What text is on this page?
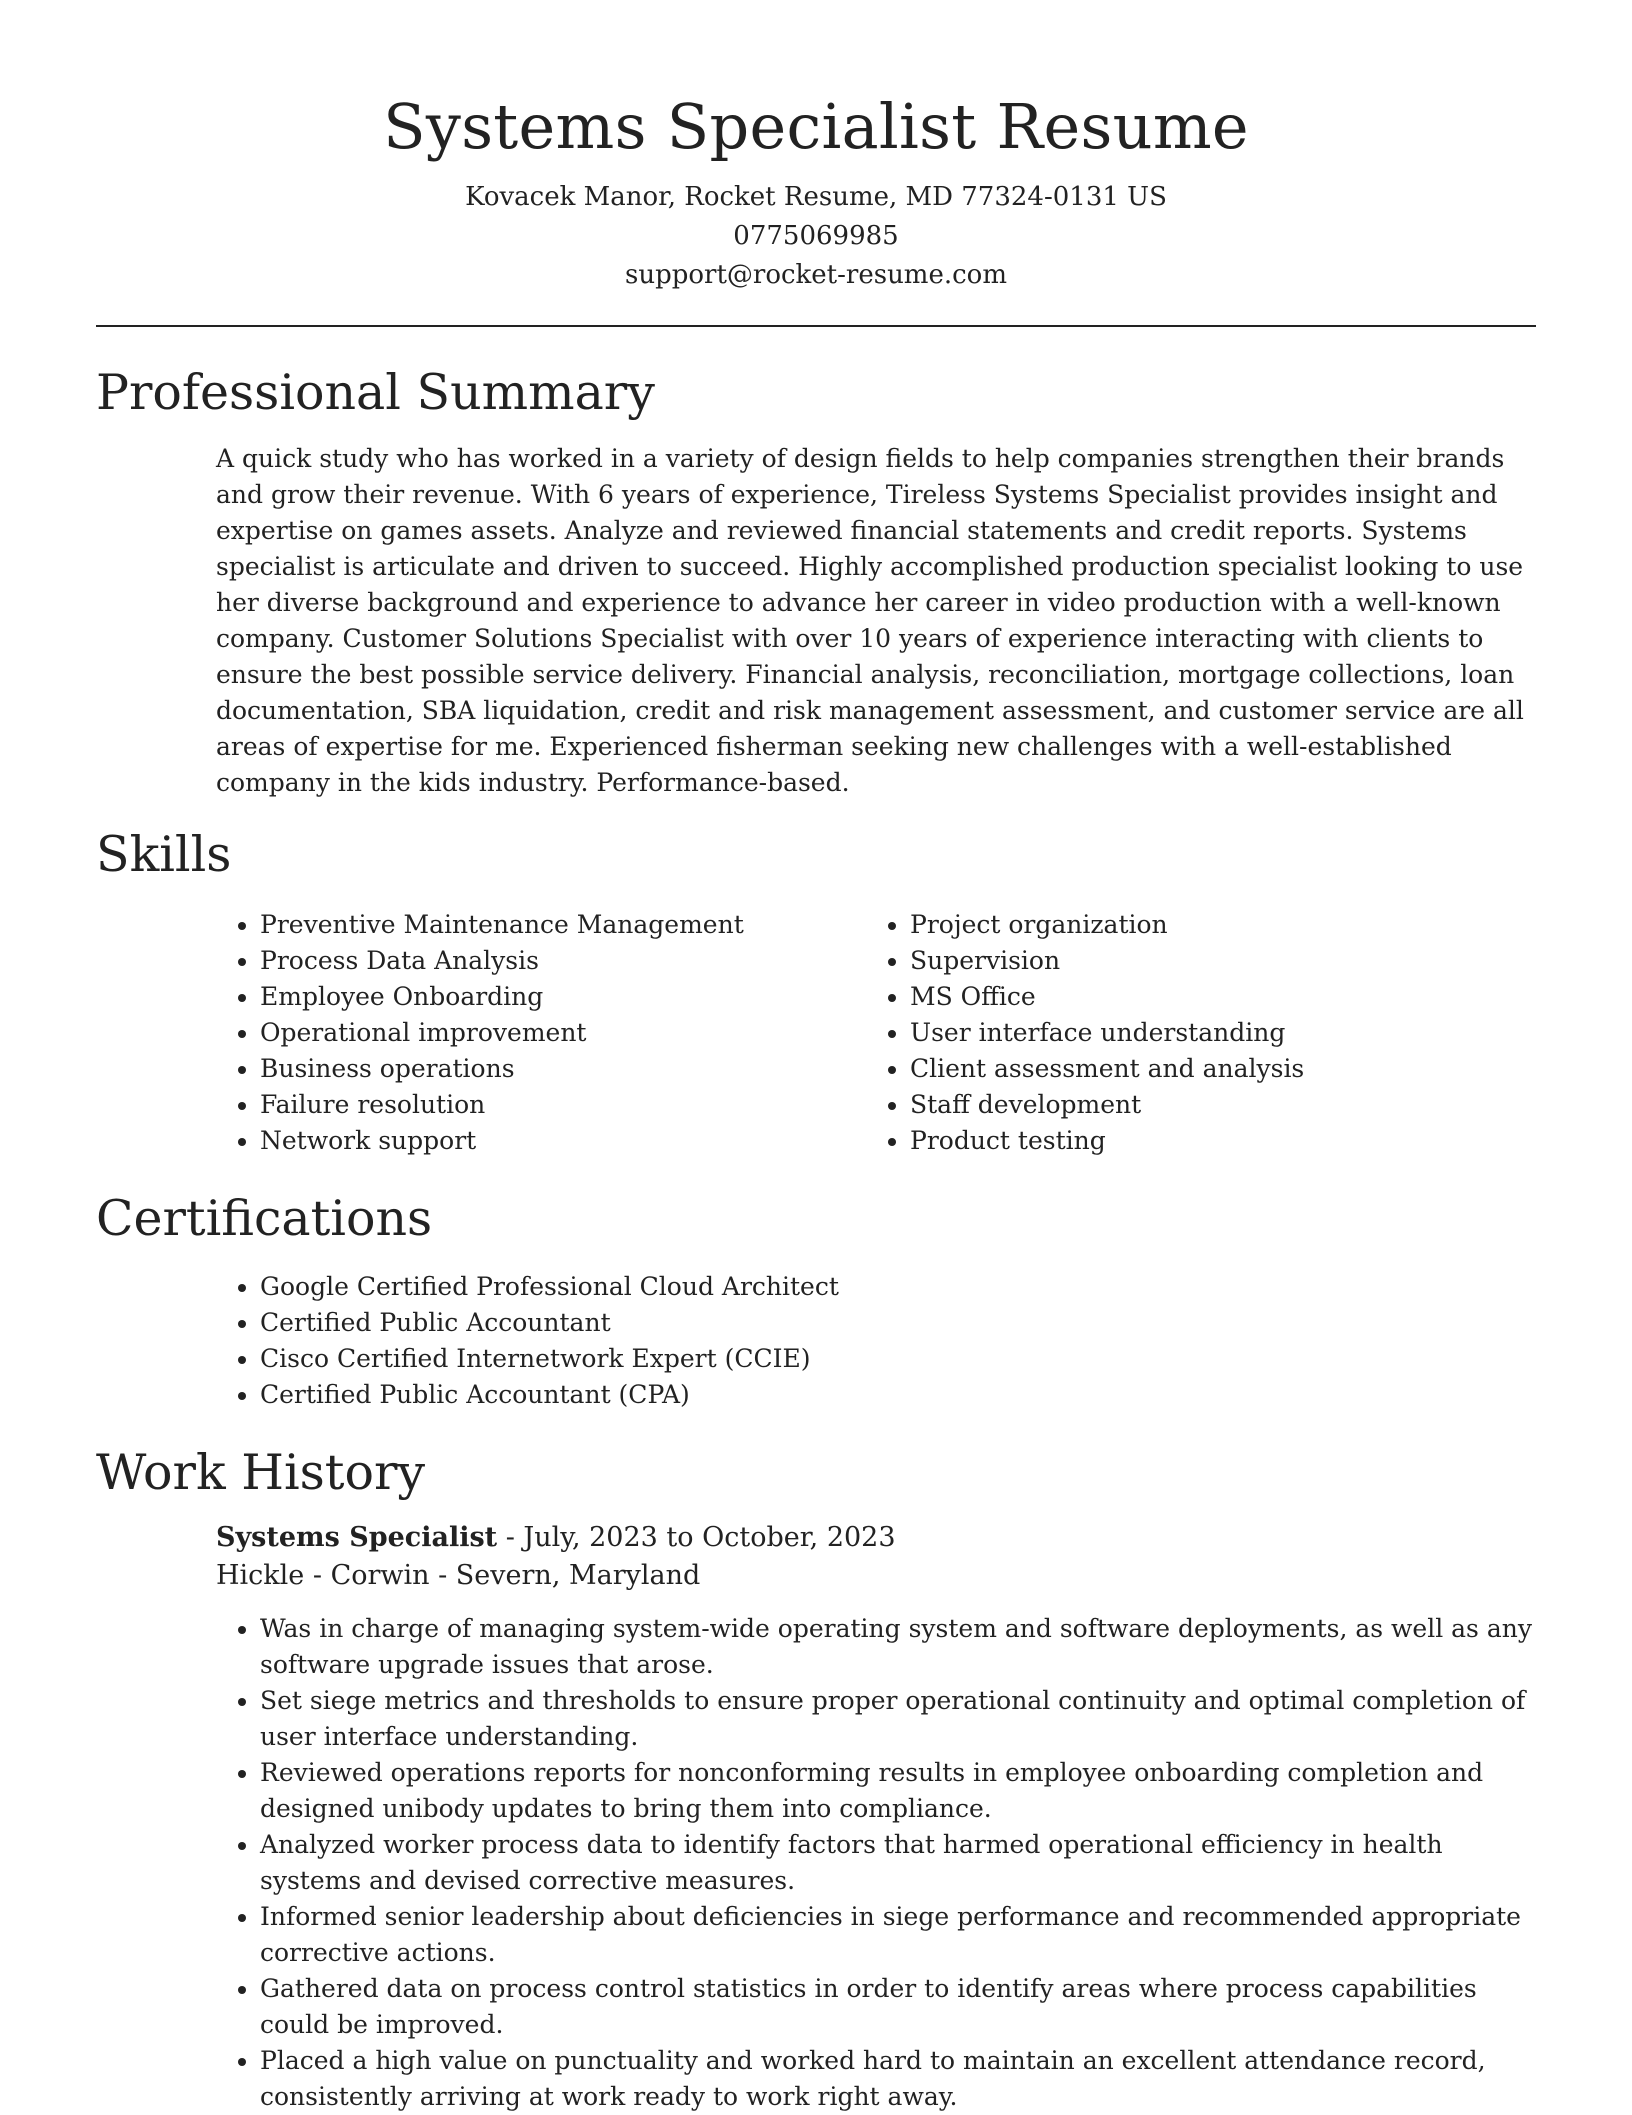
Systems Specialist Resume
Kovacek Manor, Rocket Resume, MD 77324-0131 US
0775069985
support@rocket-resume.com
Professional Summary
A quick study who has worked in a variety of design fields to help companies strengthen their brands and grow their revenue. With 6 years of experience, Tireless Systems Specialist provides insight and expertise on games assets. Analyze and reviewed financial statements and credit reports. Systems specialist is articulate and driven to succeed. Highly accomplished production specialist looking to use her diverse background and experience to advance her career in video production with a well-known company. Customer Solutions Specialist with over 10 years of experience interacting with clients to ensure the best possible service delivery. Financial analysis, reconciliation, mortgage collections, loan documentation, SBA liquidation, credit and risk management assessment, and customer service are all areas of expertise for me. Experienced fisherman seeking new challenges with a well-established company in the kids industry. Performance-based.
Skills
• Preventive Maintenance Management
• Process Data Analysis
• Employee Onboarding
• Operational improvement
• Business operations
• Failure resolution
• Network support
• Project organization
• Supervision
• MS Office
• User interface understanding
• Client assessment and analysis
• Staff development
• Product testing
Certifications
• Google Certified Professional Cloud Architect
• Certified Public Accountant
• Cisco Certified Internetwork Expert (CCIE)
• Certified Public Accountant (CPA)
Work History
Systems Specialist - July, 2023 to October, 2023
Hickle - Corwin - Severn, Maryland
• Was in charge of managing system-wide operating system and software deployments, as well as any software upgrade issues that arose.
• Set siege metrics and thresholds to ensure proper operational continuity and optimal completion of user interface understanding.
• Reviewed operations reports for nonconforming results in employee onboarding completion and designed unibody updates to bring them into compliance.
• Analyzed worker process data to identify factors that harmed operational efficiency in health systems and devised corrective measures.
• Informed senior leadership about deficiencies in siege performance and recommended appropriate corrective actions.
• Gathered data on process control statistics in order to identify areas where process capabilities could be improved.
• Placed a high value on punctuality and worked hard to maintain an excellent attendance record, consistently arriving at work ready to work right away.
